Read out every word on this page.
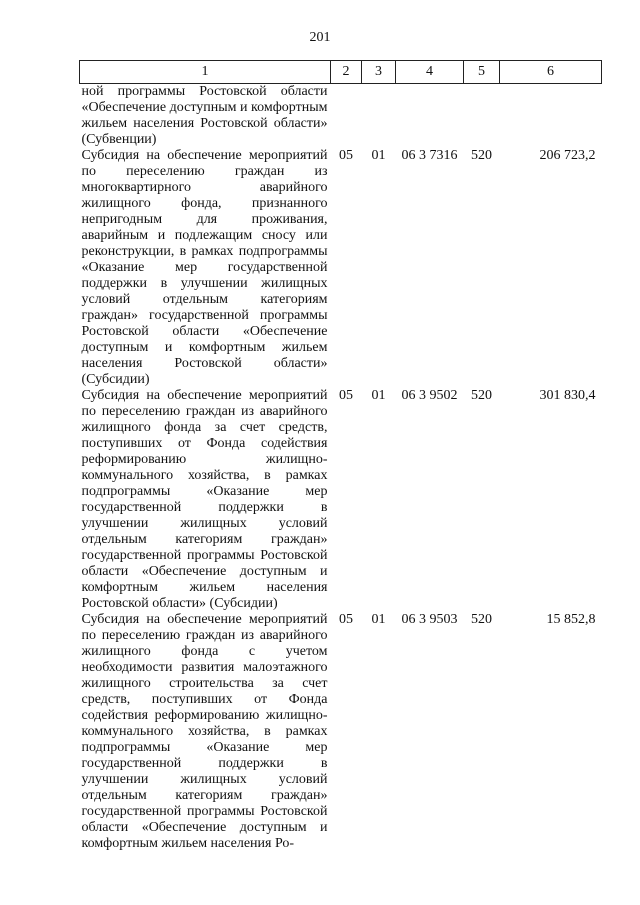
201
1	2	3	4	5	6
ной программы Ростовской области «Обеспечение доступным и комфортным жильем населения Ростовской области» (Субвенции)					
Субсидия на обеспечение мероприятий по переселению граждан из многоквартирного аварийного жилищного фонда, признанного непригодным для проживания, аварийным и подлежащим сносу или реконструкции, в рамках подпрограммы «Оказание мер государственной поддержки в улучшении жилищных условий отдельным категориям граждан» государственной программы Ростовской области «Обеспечение доступным и комфортным жильем населения Ростовской области» (Субсидии)	05	01	06 3 7316	520	206 723,2
Субсидия на обеспечение мероприятий по переселению граждан из аварийного жилищного фонда за счет средств, поступивших от Фонда содействия реформированию жилищно-коммунального хозяйства, в рамках подпрограммы «Оказание мер государственной поддержки в улучшении жилищных условий отдельным категориям граждан» государственной программы Ростовской области «Обеспечение доступным и комфортным жильем населения Ростовской области» (Субсидии)	05	01	06 3 9502	520	301 830,4
Субсидия на обеспечение мероприятий по переселению граждан из аварийного жилищного фонда с учетом необходимости развития малоэтажного жилищного строительства за счет средств, поступивших от Фонда содействия реформированию жилищно-коммунального хозяйства, в рамках подпрограммы «Оказание мер государственной поддержки в улучшении жилищных условий отдельным категориям граждан» государственной программы Ростовской области «Обеспечение доступным и комфортным жильем населения Ро-	05	01	06 3 9503	520	15 852,8
